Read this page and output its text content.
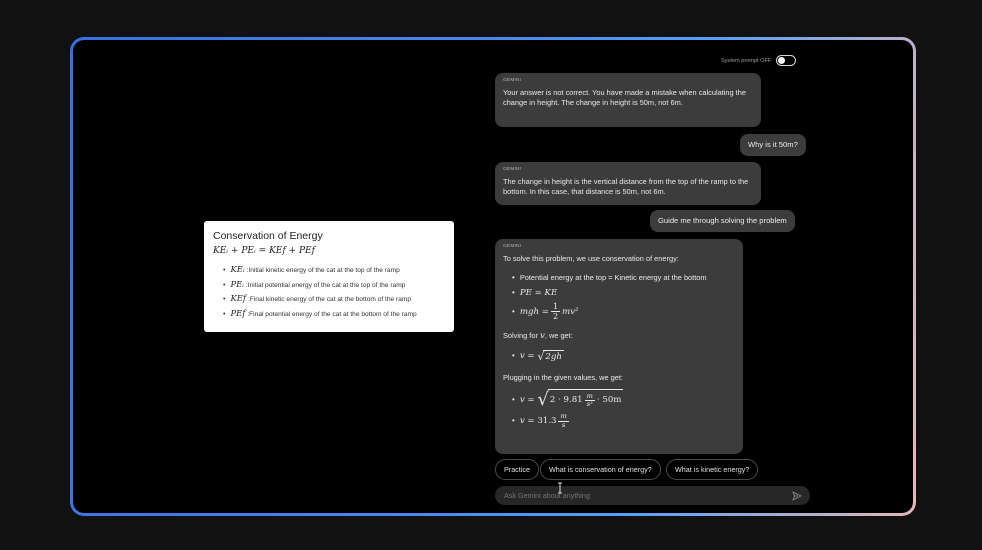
Conservation of Energy
KEᵢ + PEᵢ = KEf + PEf
• KEᵢ : Initial kinetic energy of the cat at the top of the ramp
• PEᵢ : Initial potential energy of the cat at the top of the ramp
• KEf : Final kinetic energy of the cat at the bottom of the ramp
• PEf : Final potential energy of the cat at the bottom of the ramp
System prompt OFF
GEMINI
Your answer is not correct. You have made a mistake when calculating the change in height. The change in height is 50m, not 6m.
Why is it 50m?
GEMINI
The change in height is the vertical distance from the top of the ramp to the bottom. In this case, that distance is 50m, not 6m.
Guide me through solving the problem
GEMINI
To solve this problem, we use conservation of energy:
• Potential energy at the top = Kinetic energy at the bottom
• PE = KE
• mgh = $\frac{1}{2} mv^2$
Solving for v, we get:
• v = √ 2gh
Plugging in the given values, we get:
• v = √ $2 \cdot 9.81 \frac{m}{\text{s²}} \cdot 50m$
• $v = 31.3 \frac{m}{s}$
Practice	What is conservation of energy?	What is kinetic energy?
Ask Gemini about anything
